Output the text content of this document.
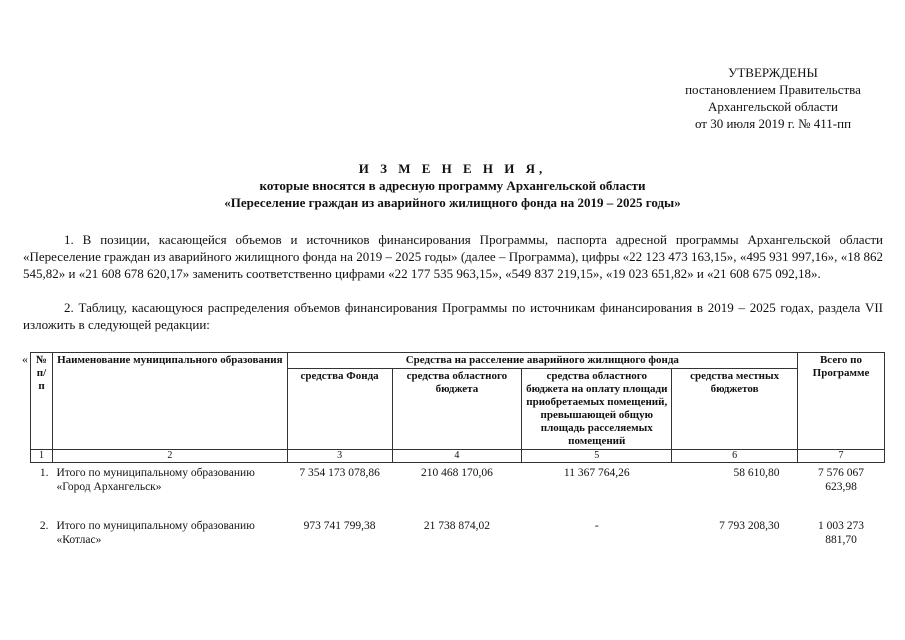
УТВЕРЖДЕНЫ
постановлением Правительства
Архангельской области
от 30 июля 2019 г. № 411-пп
И З М Е Н Е Н И Я,
которые вносятся в адресную программу Архангельской области
«Переселение граждан из аварийного жилищного фонда на 2019 – 2025 годы»
1. В позиции, касающейся объемов и источников финансирования Программы, паспорта адресной программы Архангельской области «Переселение граждан из аварийного жилищного фонда на 2019 – 2025 годы» (далее – Программа), цифры «22 123 473 163,15», «495 931 997,16», «18 862 545,82» и «21 608 678 620,17» заменить соответственно цифрами «22 177 535 963,15», «549 837 219,15», «19 023 651,82» и «21 608 675 092,18».
2. Таблицу, касающуюся распределения объемов финансирования Программы по источникам финансирования в 2019 – 2025 годах, раздела VII изложить в следующей редакции:
« № п/п	Наименование муниципального образования	Средства на расселение аварийного жилищного фонда				Всего по Программе
		средства Фонда	средства областного бюджета	средства областного бюджета на оплату площади приобретаемых помещений, превышающей общую площадь расселяемых помещений	средства местных бюджетов	
1	2	3	4	5	6	7
1.	Итого по муниципальному образованию «Город Архангельск»	7 354 173 078,86	210 468 170,06	11 367 764,26	58 610,80	7 576 067 623,98
2.	Итого по муниципальному образованию «Котлас»	973 741 799,38	21 738 874,02	-	7 793 208,30	1 003 273 881,70
